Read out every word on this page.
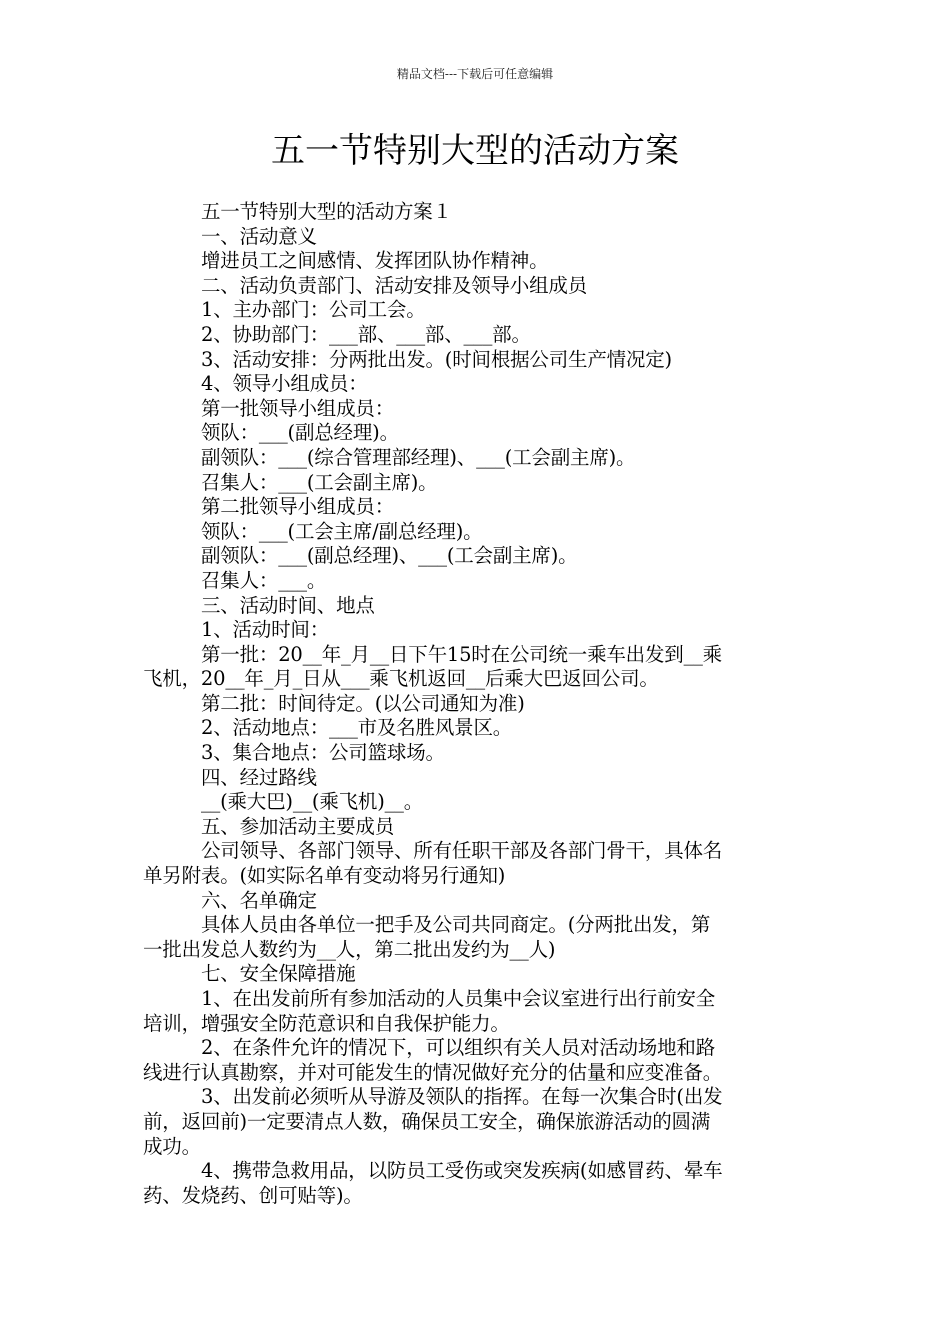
精品文档---下载后可任意编辑
五一节特别大型的活动方案

五一节特别大型的活动方案１

一、活动意义

增进员工之间感情、发挥团队协作精神。

二、活动负责部门、活动安排及领导小组成员

1、主办部门：公司工会。

2、协助部门：___部、___部、___部。

3、活动安排：分两批出发。(时间根据公司生产情况定)

4、领导小组成员：

第一批领导小组成员：

领队：___(副总经理)。

副领队：___(综合管理部经理)、___(工会副主席)。

召集人：___(工会副主席)。

第二批领导小组成员：

领队：___(工会主席/副总经理)。

副领队：___(副总经理)、___(工会副主席)。

召集人：___。

三、活动时间、地点

1、活动时间：

第一批：20__年_月__日下午15时在公司统一乘车出发到__乘

飞机，20__年_月_日从___乘飞机返回__后乘大巴返回公司。

第二批：时间待定。(以公司通知为准)

2、活动地点：___市及名胜风景区。

3、集合地点：公司篮球场。

四、经过路线

__(乘大巴)__(乘飞机)__。

五、参加活动主要成员

公司领导、各部门领导、所有任职干部及各部门骨干，具体名

单另附表。(如实际名单有变动将另行通知)

六、名单确定

具体人员由各单位一把手及公司共同商定。(分两批出发，第

一批出发总人数约为__人，第二批出发约为__人)

七、安全保障措施

1、在出发前所有参加活动的人员集中会议室进行出行前安全

培训，增强安全防范意识和自我保护能力。

2、在条件允许的情况下，可以组织有关人员对活动场地和路

线进行认真勘察，并对可能发生的情况做好充分的估量和应变准备。

3、出发前必须听从导游及领队的指挥。在每一次集合时(出发

前，返回前)一定要清点人数，确保员工安全，确保旅游活动的圆满

成功。

4、携带急救用品，以防员工受伤或突发疾病(如感冒药、晕车

药、发烧药、创可贴等)。
